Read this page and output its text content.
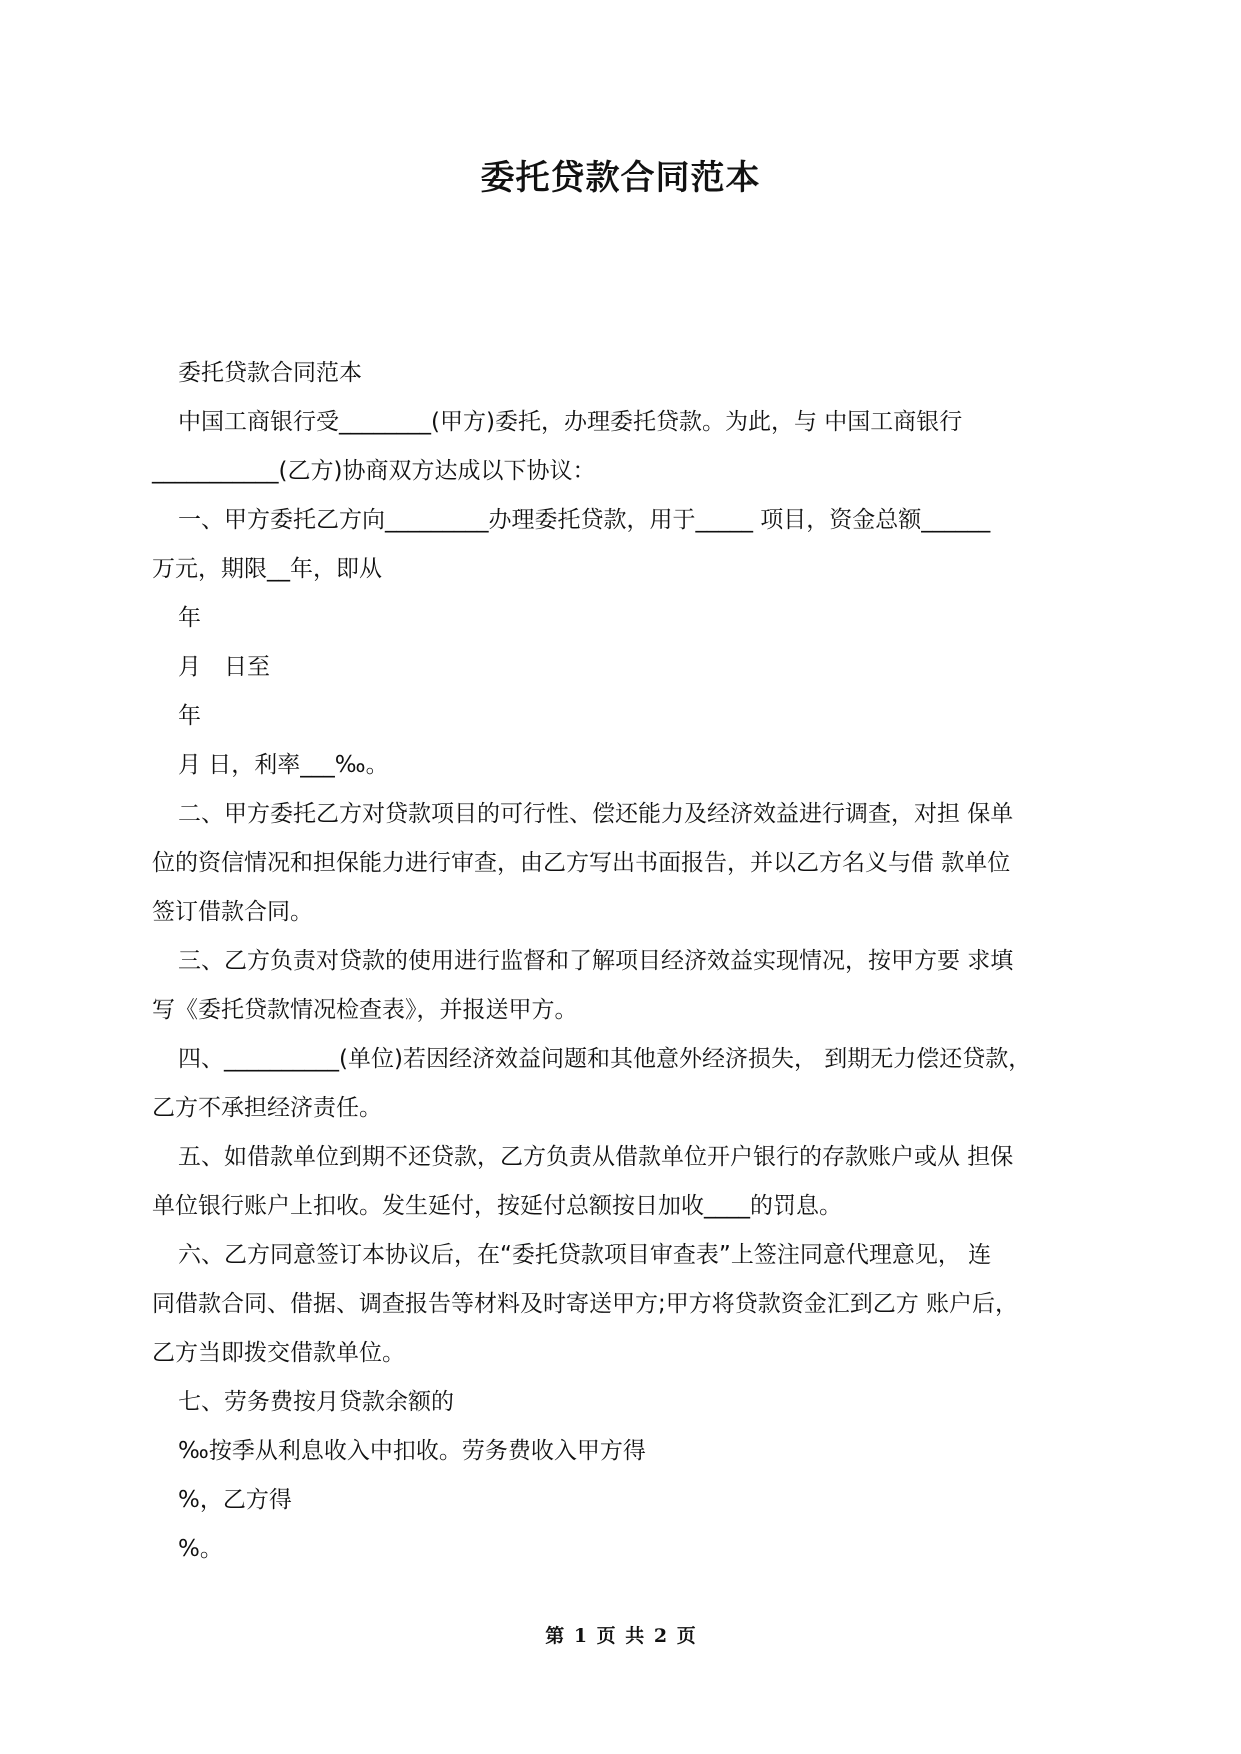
委托贷款合同范本

委托贷款合同范本

中国工商银行受________(甲方)委托，办理委托贷款。为此，与 中国工商银行

___________(乙方)协商双方达成以下协议：

一、甲方委托乙方向_________办理委托贷款，用于_____ 项目，资金总额______

万元，期限__年，即从

年

月　日至

年

月 日，利率___‰。

二、甲方委托乙方对贷款项目的可行性、偿还能力及经济效益进行调查，对担 保单

位的资信情况和担保能力进行审查，由乙方写出书面报告，并以乙方名义与借 款单位

签订借款合同。

三、乙方负责对贷款的使用进行监督和了解项目经济效益实现情况，按甲方要 求填

写《委托贷款情况检查表》，并报送甲方。

四、__________(单位)若因经济效益问题和其他意外经济损失， 到期无力偿还贷款，

乙方不承担经济责任。

五、如借款单位到期不还贷款，乙方负责从借款单位开户银行的存款账户或从 担保

单位银行账户上扣收。发生延付，按延付总额按日加收____的罚息。

六、乙方同意签订本协议后，在“委托贷款项目审查表”上签注同意代理意见， 连

同借款合同、借据、调查报告等材料及时寄送甲方;甲方将贷款资金汇到乙方 账户后，

乙方当即拨交借款单位。

七、劳务费按月贷款余额的

‰按季从利息收入中扣收。劳务费收入甲方得

%，乙方得

%。

第 1 页 共 2 页
